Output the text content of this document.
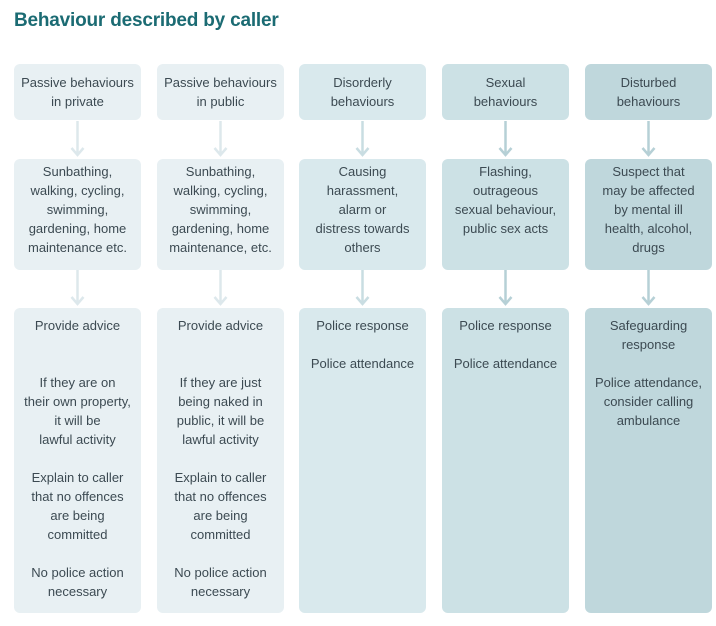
Behaviour described by caller
Passive behaviours
in private
Sunbathing,
walking, cycling,
swimming,
gardening, home
maintenance etc.
Provide advice
If they are on
their own property,
it will be
lawful activity
Explain to caller
that no offences
are being
committed
No police action
necessary
Passive behaviours
in public
Sunbathing,
walking, cycling,
swimming,
gardening, home
maintenance, etc.
Provide advice
If they are just
being naked in
public, it will be
lawful activity
Explain to caller
that no offences
are being
committed
No police action
necessary
Disorderly
behaviours
Causing
harassment,
alarm or
distress towards
others
Police response
Police attendance
Sexual
behaviours
Flashing,
outrageous
sexual behaviour,
public sex acts
Police response
Police attendance
Disturbed
behaviours
Suspect that
may be affected
by mental ill
health, alcohol,
drugs
Safeguarding
response
Police attendance,
consider calling
ambulance
